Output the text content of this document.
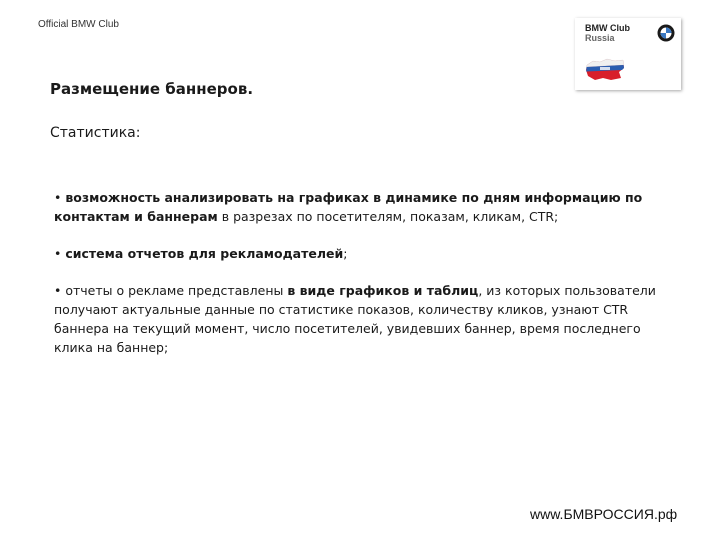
Official BMW Club	BMW Club
Russia
Размещение баннеров.
Статистика:
• возможность анализировать на графиках в динамике по дням информацию по контактам и баннерам в разрезах по посетителям, показам, кликам, CTR;
• система отчетов для рекламодателей;
• отчеты о рекламе представлены в виде графиков и таблиц, из которых пользователи получают актуальные данные по статистике показов, количеству кликов, узнают CTR баннера на текущий момент, число посетителей, увидевших баннер, время последнего клика на баннер;
www.БМВРОССИЯ.рф
